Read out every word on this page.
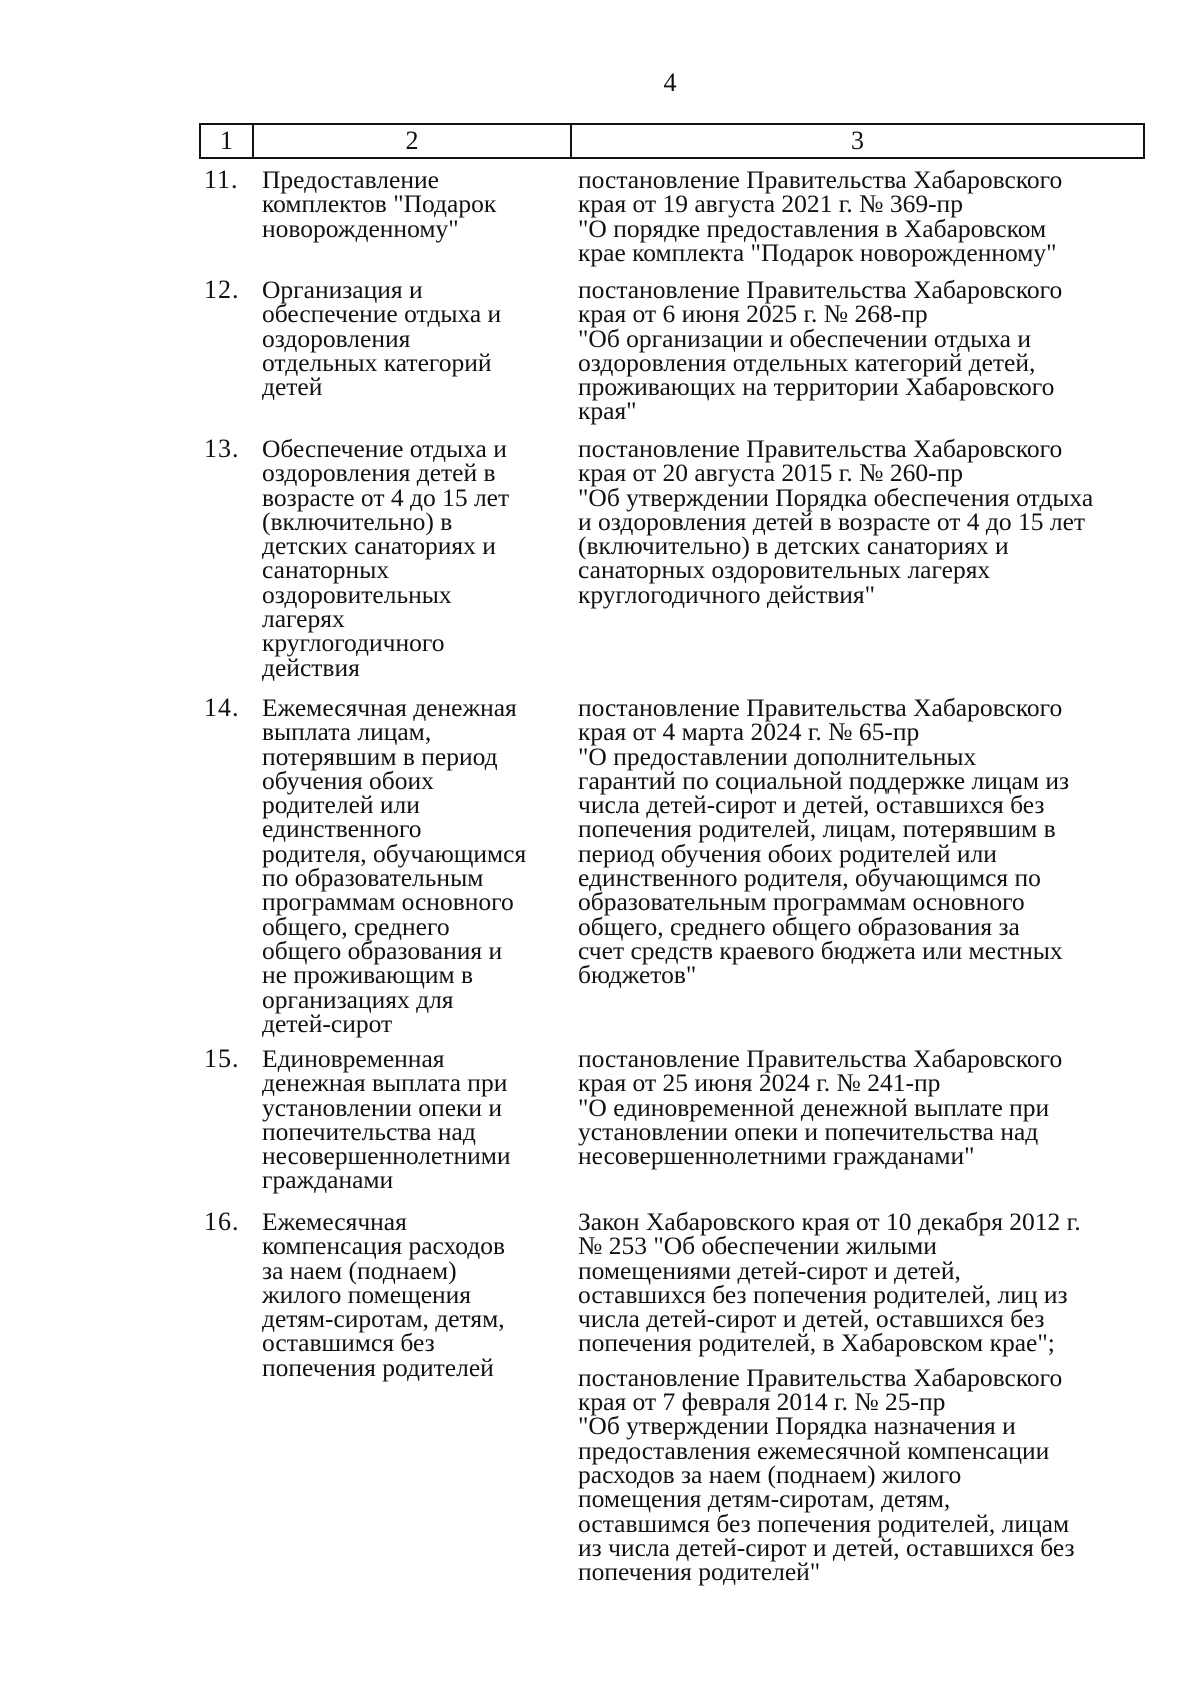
4
1	2	3
11. Предоставление
комплектов "Подарок
новорожденному"

постановление Правительства Хабаровского
края от 19 августа 2021 г. № 369-пр
"О порядке предоставления в Хабаровском
крае комплекта "Подарок новорожденному"

12. Организация и
обеспечение отдыха и
оздоровления
отдельных категорий
детей

постановление Правительства Хабаровского
края от 6 июня 2025 г. № 268-пр
"Об организации и обеспечении отдыха и
оздоровления отдельных категорий детей,
проживающих на территории Хабаровского
края"

13. Обеспечение отдыха и
оздоровления детей в
возрасте от 4 до 15 лет
(включительно) в
детских санаториях и
санаторных
оздоровительных
лагерях
круглогодичного
действия

постановление Правительства Хабаровского
края от 20 августа 2015 г. № 260-пр
"Об утверждении Порядка обеспечения отдыха
и оздоровления детей в возрасте от 4 до 15 лет
(включительно) в детских санаториях и
санаторных оздоровительных лагерях
круглогодичного действия"

14. Ежемесячная денежная
выплата лицам,
потерявшим в период
обучения обоих
родителей или
единственного
родителя, обучающимся
по образовательным
программам основного
общего, среднего
общего образования и
не проживающим в
организациях для
детей-сирот

постановление Правительства Хабаровского
края от 4 марта 2024 г. № 65-пр
"О предоставлении дополнительных
гарантий по социальной поддержке лицам из
числа детей-сирот и детей, оставшихся без
попечения родителей, лицам, потерявшим в
период обучения обоих родителей или
единственного родителя, обучающимся по
образовательным программам основного
общего, среднего общего образования за
счет средств краевого бюджета или местных
бюджетов"

15. Единовременная
денежная выплата при
установлении опеки и
попечительства над
несовершеннолетними
гражданами

постановление Правительства Хабаровского
края от 25 июня 2024 г. № 241-пр
"О единовременной денежной выплате при
установлении опеки и попечительства над
несовершеннолетними гражданами"

16. Ежемесячная
компенсация расходов
за наем (поднаем)
жилого помещения
детям-сиротам, детям,
оставшимся без
попечения родителей

Закон Хабаровского края от 10 декабря 2012 г.
№ 253 "Об обеспечении жилыми
помещениями детей-сирот и детей,
оставшихся без попечения родителей, лиц из
числа детей-сирот и детей, оставшихся без
попечения родителей, в Хабаровском крае";

постановление Правительства Хабаровского
края от 7 февраля 2014 г. № 25-пр
"Об утверждении Порядка назначения и
предоставления ежемесячной компенсации
расходов за наем (поднаем) жилого
помещения детям-сиротам, детям,
оставшимся без попечения родителей, лицам
из числа детей-сирот и детей, оставшихся без
попечения родителей"
